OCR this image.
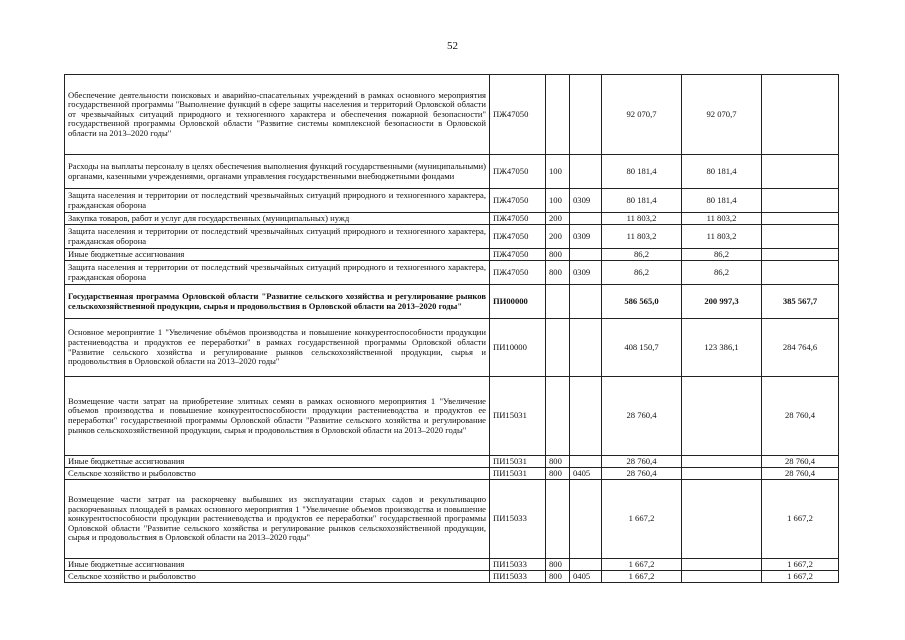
52
Обеспечение деятельности поисковых и аварийно-спасательных учреждений в рамках основного мероприятия государственной программы "Выполнение функций в сфере защиты населения и территорий Орловской области от чрезвычайных ситуаций природного и техногенного характера и обеспечения пожарной безопасности" государственной программы Орловской области "Развитие системы комплексной безопасности в Орловской области на 2013–2020 годы"	ПЖ47050			92 070,7	92 070,7	
Расходы на выплаты персоналу в целях обеспечения выполнения функций государственными (муниципальными) органами, казенными учреждениями, органами управления государственными внебюджетными фондами	ПЖ47050	100		80 181,4	80 181,4	
Защита населения и территории от последствий чрезвычайных ситуаций природного и техногенного характера, гражданская оборона	ПЖ47050	100	0309	80 181,4	80 181,4	
Закупка товаров, работ и услуг для государственных (муниципальных) нужд	ПЖ47050	200		11 803,2	11 803,2	
Защита населения и территории от последствий чрезвычайных ситуаций природного и техногенного характера, гражданская оборона	ПЖ47050	200	0309	11 803,2	11 803,2	
Иные бюджетные ассигнования	ПЖ47050	800		86,2	86,2	
Защита населения и территории от последствий чрезвычайных ситуаций природного и техногенного характера, гражданская оборона	ПЖ47050	800	0309	86,2	86,2	
Государственная программа Орловской области "Развитие сельского хозяйства и регулирование рынков сельскохозяйственной продукции, сырья и продовольствия в Орловской области на 2013–2020 годы"	ПИ00000			586 565,0	200 997,3	385 567,7
Основное мероприятие 1 "Увеличение объёмов производства и повышение конкурентоспособности продукции растениеводства и продуктов ее переработки" в рамках государственной программы Орловской области "Развитие сельского хозяйства и регулирование рынков сельскохозяйственной продукции, сырья и продовольствия в Орловской области на 2013–2020 годы"	ПИ10000			408 150,7	123 386,1	284 764,6
Возмещение части затрат на приобретение элитных семян в рамках основного мероприятия 1 "Увеличение объемов производства и повышение конкурентоспособности продукции растениеводства и продуктов ее переработки" государственной программы Орловской области "Развитие сельского хозяйства и регулирование рынков сельскохозяйственной продукции, сырья и продовольствия в Орловской области на 2013–2020 годы"	ПИ15031			28 760,4		28 760,4
Иные бюджетные ассигнования	ПИ15031	800		28 760,4		28 760,4
Сельское хозяйство и рыболовство	ПИ15031	800	0405	28 760,4		28 760,4
Возмещение части затрат на раскорчевку выбывших из эксплуатации старых садов и рекультивацию раскорчеванных площадей в рамках основного мероприятия 1 "Увеличение объемов производства и повышение конкурентоспособности продукции растениеводства и продуктов ее переработки" государственной программы Орловской области "Развитие сельского хозяйства и регулирование рынков сельскохозяйственной продукции, сырья и продовольствия в Орловской области на 2013–2020 годы"	ПИ15033			1 667,2		1 667,2
Иные бюджетные ассигнования	ПИ15033	800		1 667,2		1 667,2
Сельское хозяйство и рыболовство	ПИ15033	800	0405	1 667,2		1 667,2
